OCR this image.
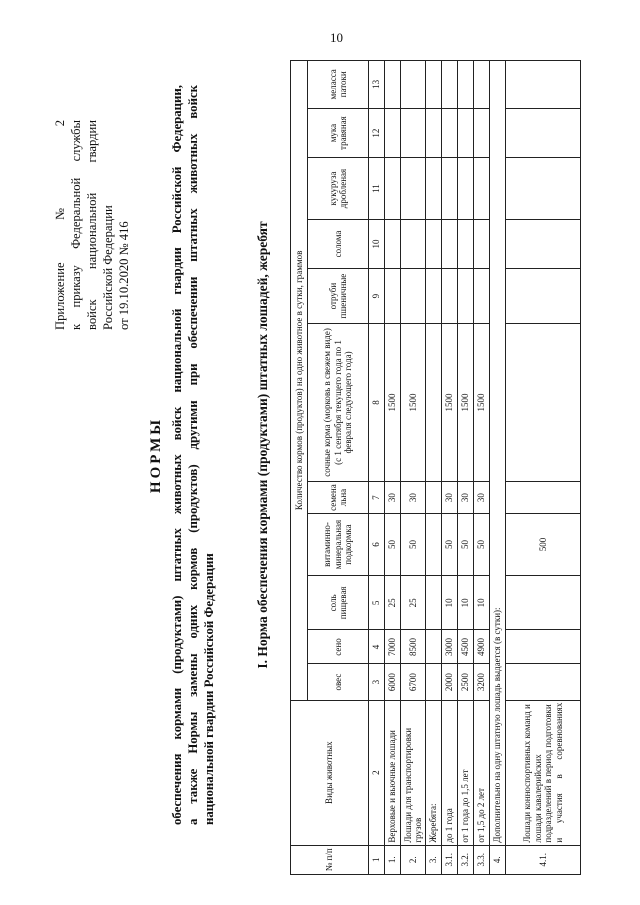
10
Приложение № 2 к приказу Федеральной службы войск национальной гвардии Российской Федерации от 19.10.2020 № 416
НОРМЫ обеспечения кормами (продуктами) штатных животных войск национальной гвардии Российской Федерации, а также Нормы замены одних кормов (продуктов) другими при обеспечении штатных животных войск национальной гвардии Российской Федерации
I. Норма обеспечения кормами (продуктами) штатных лошадей, жеребят
№ п/п	Виды животных	Количество кормов (продуктов) на одно животное в сутки, граммов										
		овес	сено	соль пищевая	витаминно-минеральная подкормка	семена льна	сочные корма (морковь в свежем виде) (с 1 сентября текущего года по 1 февраля следующего года)	отруби пшеничные	солома	кукуруза дробленая	мука травяная	меласса патоки
1	2	3	4	5	6	7	8	9	10	11	12	13
1.	Верховые и вьючные лошади	6000	7000	25	50	30	1500					
2.	Лошади для транспортировки грузов	6700	8500	25	50	30	1500					
3.	Жеребята:											
3.1.	до 1 года	2000	3000	10	50	30	1500					
3.2.	от 1 года до 1,5 лет	2500	4500	10	50	30	1500					
3.3.	от 1,5 до 2 лет	3200	4900	10	50	30	1500					
4.	Дополнительно на одну штатную лошадь выдается (в сутки):											
4.1.	Лошади конноспортивных команд и лошади кавалерийских подразделений в период подготовки и участия в соревнованиях				500							
